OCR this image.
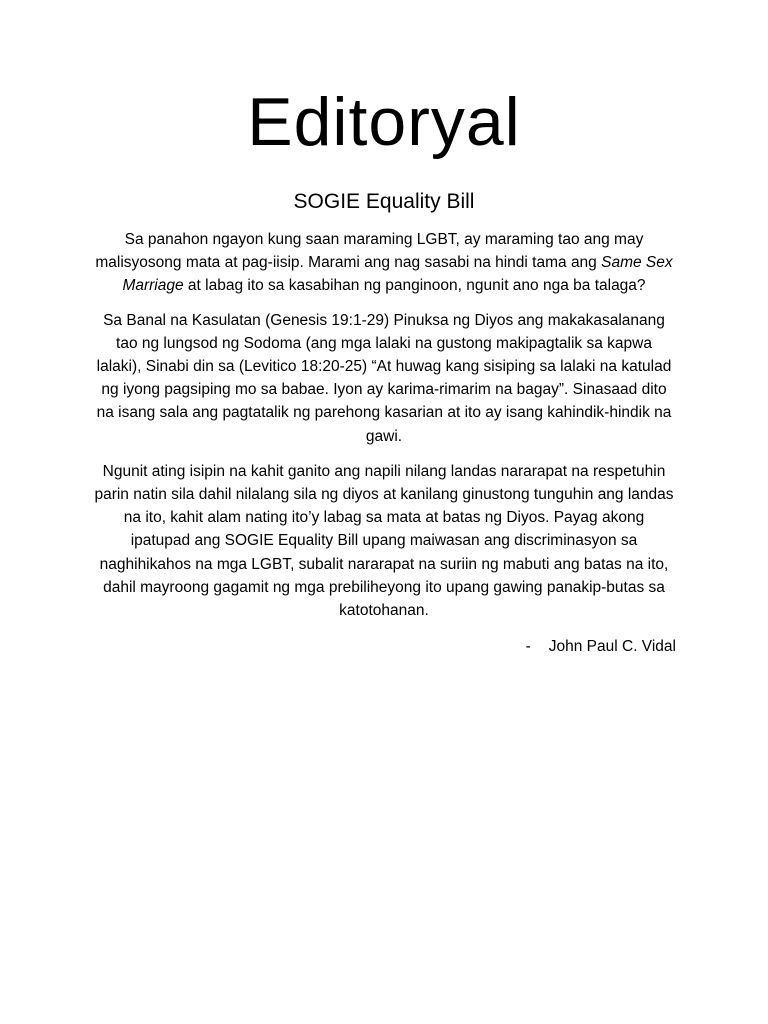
Editoryal
SOGIE Equality Bill

Sa panahon ngayon kung saan maraming LGBT, ay maraming tao ang may malisyosong mata at pag-iisip. Marami ang nag sasabi na hindi tama ang Same Sex Marriage at labag ito sa kasabihan ng panginoon, ngunit ano nga ba talaga?

Sa Banal na Kasulatan (Genesis 19:1-29) Pinuksa ng Diyos ang makakasalanang tao ng lungsod ng Sodoma (ang mga lalaki na gustong makipagtalik sa kapwa lalaki), Sinabi din sa (Levitico 18:20-25) “At huwag kang sisiping sa lalaki na katulad ng iyong pagsiping mo sa babae. Iyon ay karima-rimarim na bagay”. Sinasaad dito na isang sala ang pagtatalik ng parehong kasarian at ito ay isang kahindik-hindik na gawi.

Ngunit ating isipin na kahit ganito ang napili nilang landas nararapat na respetuhin parin natin sila dahil nilalang sila ng diyos at kanilang ginustong tunguhin ang landas na ito, kahit alam nating ito’y labag sa mata at batas ng Diyos. Payag akong ipatupad ang SOGIE Equality Bill upang maiwasan ang discriminasyon sa naghihikahos na mga LGBT, subalit nararapat na suriin ng mabuti ang batas na ito, dahil mayroong gagamit ng mga prebiliheyong ito upang gawing panakip-butas sa katotohanan.

- John Paul C. Vidal
